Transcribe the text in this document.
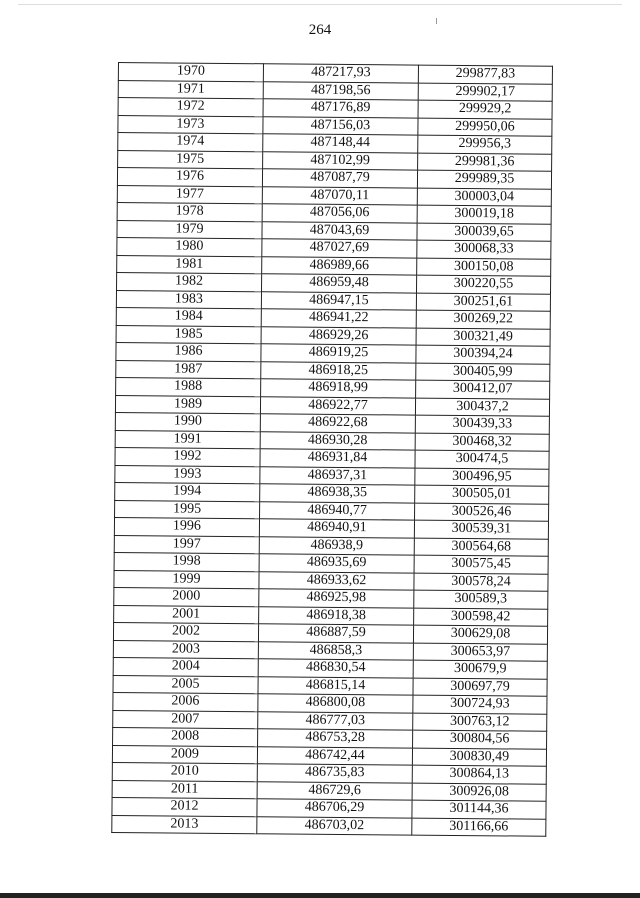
264
1970	487217,93	299877,83
1971	487198,56	299902,17
1972	487176,89	299929,2
1973	487156,03	299950,06
1974	487148,44	299956,3
1975	487102,99	299981,36
1976	487087,79	299989,35
1977	487070,11	300003,04
1978	487056,06	300019,18
1979	487043,69	300039,65
1980	487027,69	300068,33
1981	486989,66	300150,08
1982	486959,48	300220,55
1983	486947,15	300251,61
1984	486941,22	300269,22
1985	486929,26	300321,49
1986	486919,25	300394,24
1987	486918,25	300405,99
1988	486918,99	300412,07
1989	486922,77	300437,2
1990	486922,68	300439,33
1991	486930,28	300468,32
1992	486931,84	300474,5
1993	486937,31	300496,95
1994	486938,35	300505,01
1995	486940,77	300526,46
1996	486940,91	300539,31
1997	486938,9	300564,68
1998	486935,69	300575,45
1999	486933,62	300578,24
2000	486925,98	300589,3
2001	486918,38	300598,42
2002	486887,59	300629,08
2003	486858,3	300653,97
2004	486830,54	300679,9
2005	486815,14	300697,79
2006	486800,08	300724,93
2007	486777,03	300763,12
2008	486753,28	300804,56
2009	486742,44	300830,49
2010	486735,83	300864,13
2011	486729,6	300926,08
2012	486706,29	301144,36
2013	486703,02	301166,66
